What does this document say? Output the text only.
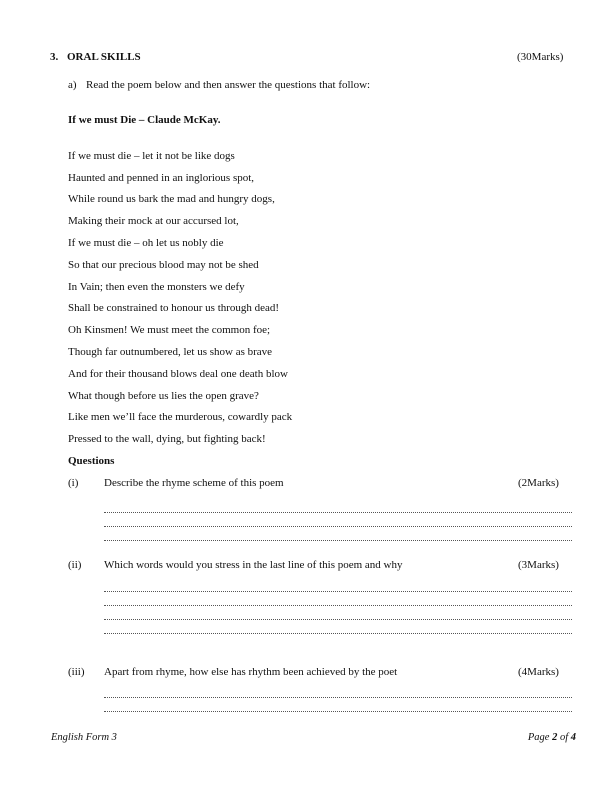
3. ORAL SKILLS	(30Marks)
a) Read the poem below and then answer the questions that follow:
If we must Die – Claude McKay.
If we must die – let it not be like dogs
Haunted and penned in an inglorious spot,
While round us bark the mad and hungry dogs,
Making their mock at our accursed lot,
If we must die – oh let us nobly die
So that our precious blood may not be shed
In Vain; then even the monsters we defy
Shall be constrained to honour us through dead!
Oh Kinsmen! We must meet the common foe;
Though far outnumbered, let us show as brave
And for their thousand blows deal one death blow
What though before us lies the open grave?
Like men we’ll face the murderous, cowardly pack
Pressed to the wall, dying, but fighting back!
Questions
(i) Describe the rhyme scheme of this poem	(2Marks)
(ii) Which words would you stress in the last line of this poem and why	(3Marks)
(iii) Apart from rhyme, how else has rhythm been achieved by the poet	(4Marks)
English Form 3	Page 2 of 4
